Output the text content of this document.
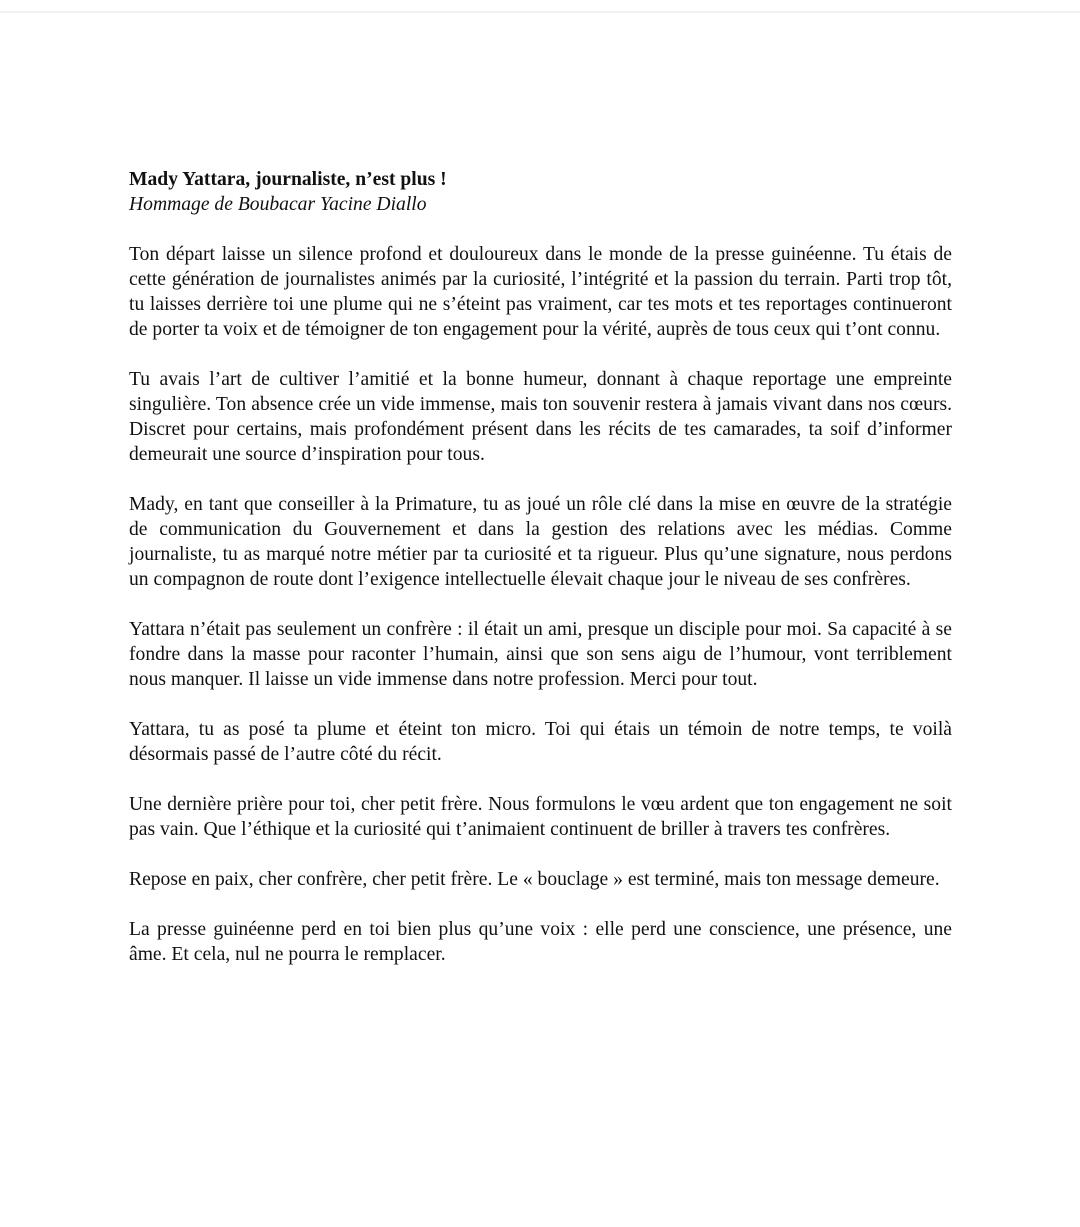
Mady Yattara, journaliste, n’est plus !

Hommage de Boubacar Yacine Diallo

Ton départ laisse un silence profond et douloureux dans le monde de la presse guinéenne. Tu étais de cette génération de journalistes animés par la curiosité, l’intégrité et la passion du terrain. Parti trop tôt, tu laisses derrière toi une plume qui ne s’éteint pas vraiment, car tes mots et tes reportages continueront de porter ta voix et de témoigner de ton engagement pour la vérité, auprès de tous ceux qui t’ont connu.

Tu avais l’art de cultiver l’amitié et la bonne humeur, donnant à chaque reportage une empreinte singulière. Ton absence crée un vide immense, mais ton souvenir restera à jamais vivant dans nos cœurs. Discret pour certains, mais profondément présent dans les récits de tes camarades, ta soif d’informer demeurait une source d’inspiration pour tous.

Mady, en tant que conseiller à la Primature, tu as joué un rôle clé dans la mise en œuvre de la stratégie de communication du Gouvernement et dans la gestion des relations avec les médias. Comme journaliste, tu as marqué notre métier par ta curiosité et ta rigueur. Plus qu’une signature, nous perdons un compagnon de route dont l’exigence intellectuelle élevait chaque jour le niveau de ses confrères.

Yattara n’était pas seulement un confrère : il était un ami, presque un disciple pour moi. Sa capacité à se fondre dans la masse pour raconter l’humain, ainsi que son sens aigu de l’humour, vont terriblement nous manquer. Il laisse un vide immense dans notre profession. Merci pour tout.

Yattara, tu as posé ta plume et éteint ton micro. Toi qui étais un témoin de notre temps, te voilà désormais passé de l’autre côté du récit.

Une dernière prière pour toi, cher petit frère. Nous formulons le vœu ardent que ton engagement ne soit pas vain. Que l’éthique et la curiosité qui t’animaient continuent de briller à travers tes confrères.

Repose en paix, cher confrère, cher petit frère. Le « bouclage » est terminé, mais ton message demeure.

La presse guinéenne perd en toi bien plus qu’une voix : elle perd une conscience, une présence, une âme. Et cela, nul ne pourra le remplacer.
